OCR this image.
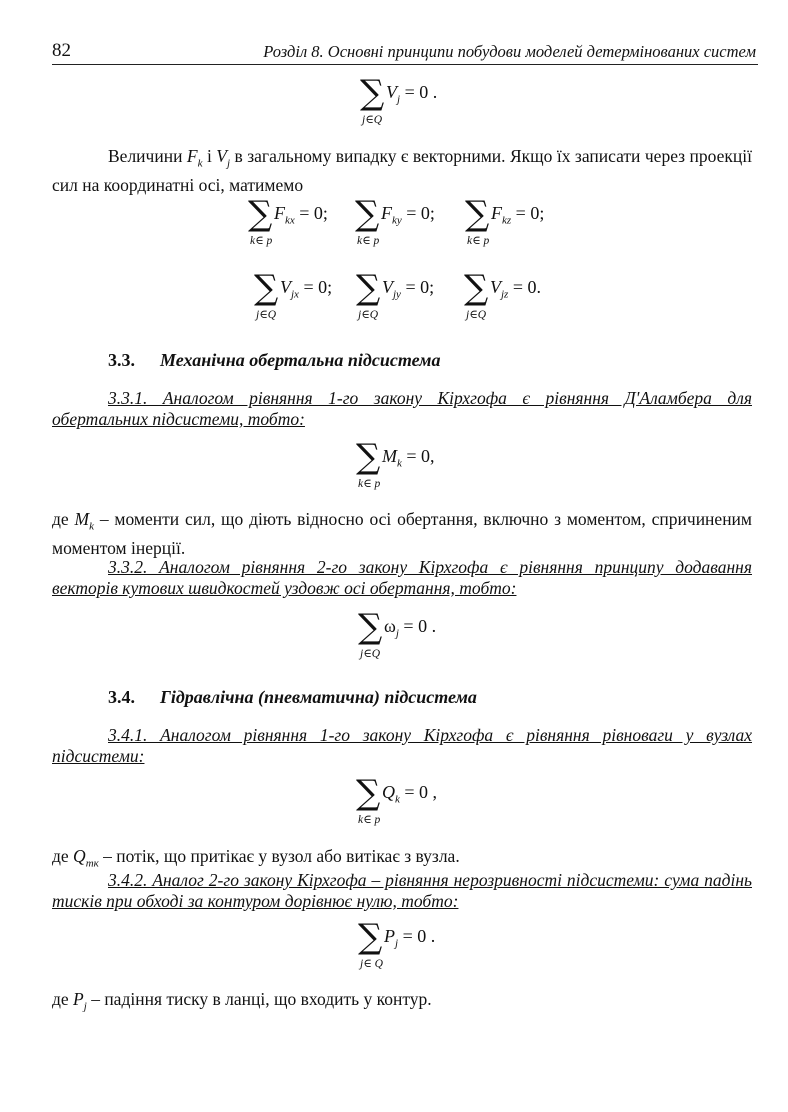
82	Розділ 8. Основні принципи побудови моделей детермінованих систем
∑
j∈Q
$V_j = 0$ .
Величини $F_k$ і $V_j$ в загальному випадку є векторними. Якщо їх записати через проекції сил на координатні осі, матимемо
∑
k∈ p
$F_{kx} = 0$; ∑
k∈ p
$F_{ky} = 0$; ∑
k∈ p
$F_{kz} = 0$;
∑
j∈Q
$V_{jx} = 0$; ∑
j∈Q
$V_{jy} = 0$; ∑
j∈Q
$V_{jz} = 0$.
3.3. Механічна обертальна підсистема
3.3.1. Аналогом рівняння 1-го закону Кірхгофа є рівняння Д'Аламбера для обертальних підсистеми, тобто:
∑
k∈ p
$M_k = 0$,
де $M_k$ – моменти сил, що діють відносно осі обертання, включно з моментом, спричиненим моментом інерції.
3.3.2. Аналогом рівняння 2-го закону Кірхгофа є рівняння принципу додавання векторів кутових швидкостей уздовж осі обертання, тобто:
∑
j∈Q
$\omega_j = 0$ .
3.4. Гідравлічна (пневматична) підсистема
3.4.1. Аналогом рівняння 1-го закону Кірхгофа є рівняння рівноваги у вузлах підсистеми:
∑
k∈ p
$Q_k = 0$ ,
де $Q_{mк}$ – потік, що притікає у вузол або витікає з вузла.
3.4.2. Аналог 2-го закону Кірхгофа – рівняння нерозривності підсистеми: сума падінь тисків при обході за контуром дорівнює нулю, тобто:
∑
j∈ Q
$P_j = 0$ .
де $P_j$ – падіння тиску в ланці, що входить у контур.
